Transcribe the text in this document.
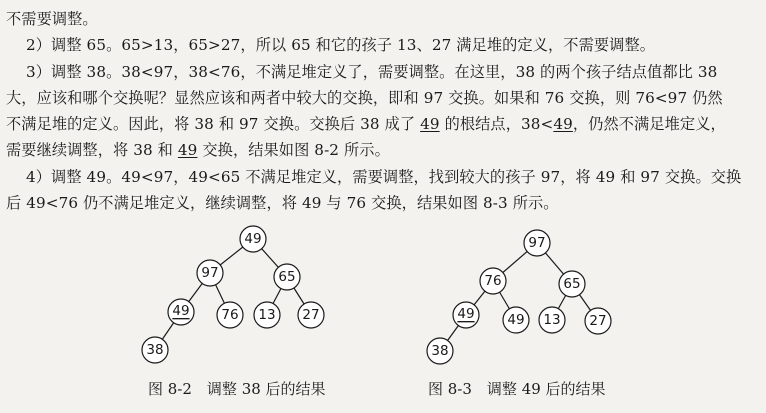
不需要调整。
2）调整 65。65>13，65>27，所以 65 和它的孩子 13、27 满足堆的定义，不需要调整。
3）调整 38。38<97，38<76，不满足堆定义了，需要调整。在这里，38 的两个孩子结点值都比 38
大，应该和哪个交换呢？显然应该和两者中较大的交换，即和 97 交换。如果和 76 交换，则 76<97 仍然
不满足堆的定义。因此，将 38 和 97 交换。交换后 38 成了 49 的根结点，38<49，仍然不满足堆定义，
需要继续调整，将 38 和 49 交换，结果如图 8-2 所示。
4）调整 49。49<97，49<65 不满足堆定义，需要调整，找到较大的孩子 97，将 49 和 97 交换。交换
后 49<76 仍不满足堆定义，继续调整，将 49 与 76 交换，结果如图 8-3 所示。
49
97	65
49 76 13 27
38
97
76	65
49 49 13 27
38
图 8-2　调整 38 后的结果	图 8-3　调整 49 后的结果
